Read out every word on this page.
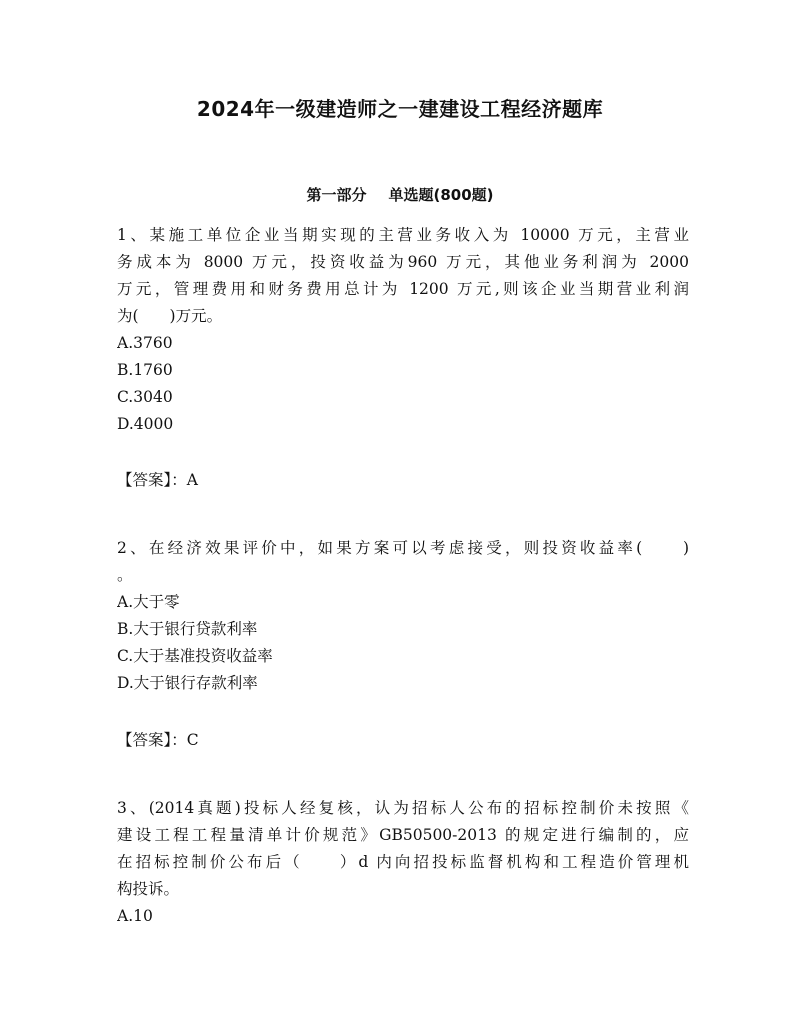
2024年一级建造师之一建建设工程经济题库
第一部分 单选题(800题)
1、某施工单位企业当期实现的主营业务收入为 10000 万元，主营业
务成本为 8000 万元，投资收益为960 万元，其他业务利润为 2000
万元，管理费用和财务费用总计为 1200 万元,则该企业当期营业利润
为(　　)万元。
A.3760
B.1760
C.3040
D.4000
【答案】：A
2、在经济效果评价中，如果方案可以考虑接受，则投资收益率(　　)
。
A.大于零
B.大于银行贷款利率
C.大于基准投资收益率
D.大于银行存款利率
【答案】：C
3、(2014真题)投标人经复核，认为招标人公布的招标控制价未按照《
建设工程工程量清单计价规范》GB50500-2013 的规定进行编制的，应
在招标控制价公布后（　　）d 内向招投标监督机构和工程造价管理机
构投诉。
A.10
